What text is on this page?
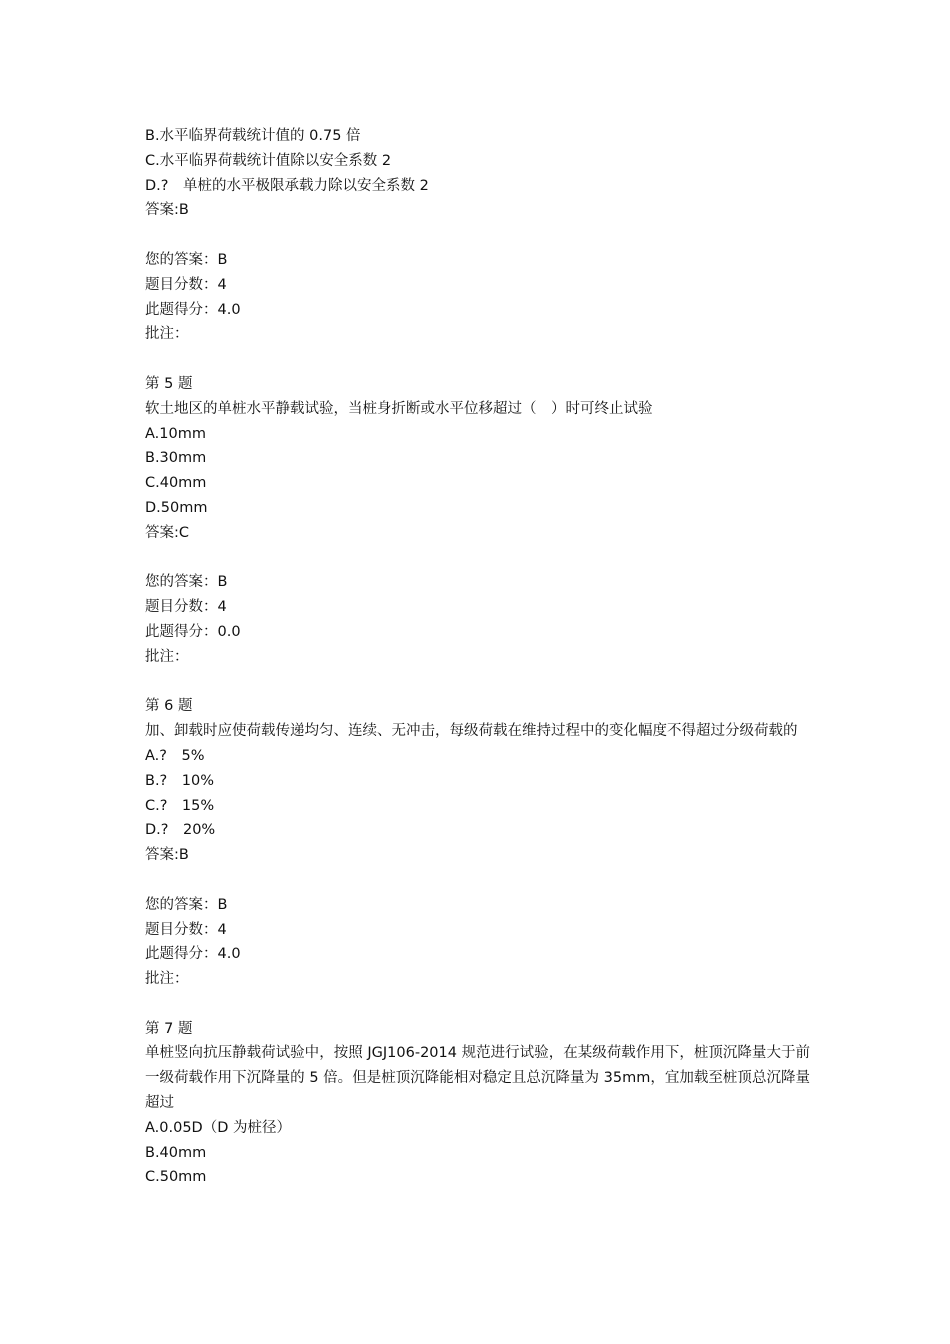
B.水平临界荷载统计值的 0.75 倍
C.水平临界荷载统计值除以安全系数 2
D.?　单桩的水平极限承载力除以安全系数 2
答案:B
您的答案：B
题目分数：4
此题得分：4.0
批注：
第 5 题
软土地区的单桩水平静载试验，当桩身折断或水平位移超过（　）时可终止试验
A.10mm
B.30mm
C.40mm
D.50mm
答案:C
您的答案：B
题目分数：4
此题得分：0.0
批注：
第 6 题
加、卸载时应使荷载传递均匀、连续、无冲击，每级荷载在维持过程中的变化幅度不得超过分级荷载的
A.?　5%
B.?　10%
C.?　15%
D.?　20%
答案:B
您的答案：B
题目分数：4
此题得分：4.0
批注：
第 7 题
单桩竖向抗压静载荷试验中，按照 JGJ106-2014 规范进行试验，在某级荷载作用下，桩顶沉降量大于前一级荷载作用下沉降量的 5 倍。但是桩顶沉降能相对稳定且总沉降量为 35mm，宜加载至桩顶总沉降量超过
A.0.05D（D 为桩径）
B.40mm
C.50mm
